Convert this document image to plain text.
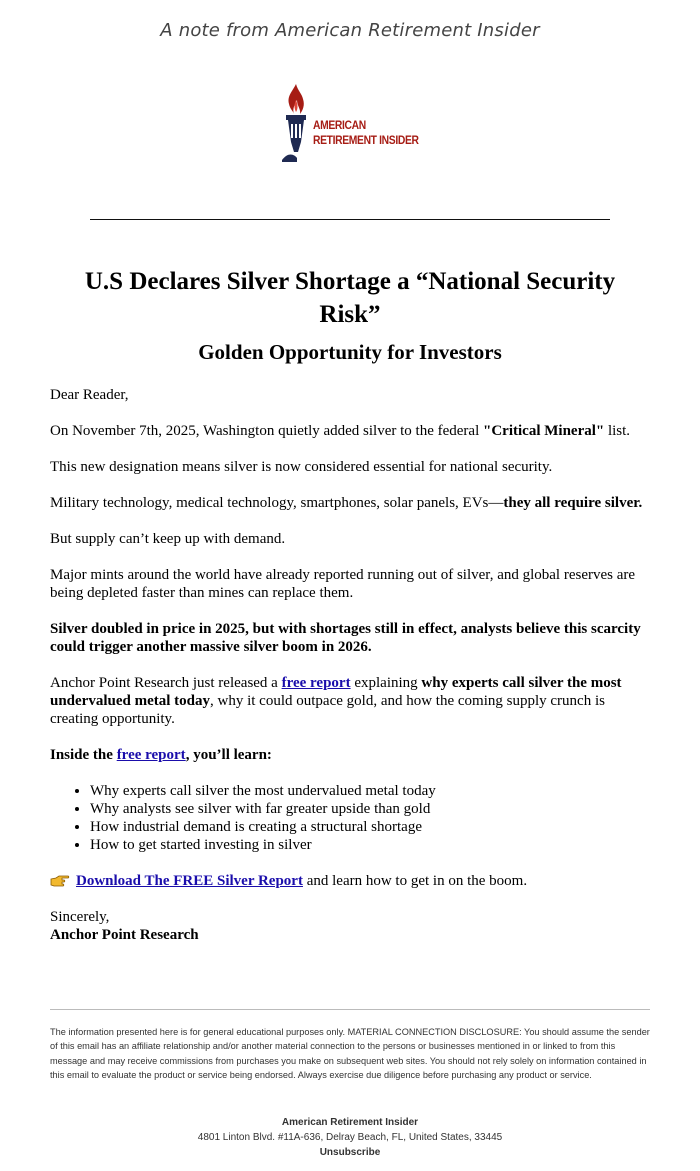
A note from American Retirement Insider
AMERICAN
RETIREMENT INSIDER
U.S Declares Silver Shortage a “National Security Risk”
Golden Opportunity for Investors

Dear Reader,

On November 7th, 2025, Washington quietly added silver to the federal "Critical Mineral" list.

This new designation means silver is now considered essential for national security.

Military technology, medical technology, smartphones, solar panels, EVs—they all require silver.

But supply can’t keep up with demand.

Major mints around the world have already reported running out of silver, and global reserves are being depleted faster than mines can replace them.

Silver doubled in price in 2025, but with shortages still in effect, analysts believe this scarcity could trigger another massive silver boom in 2026.

Anchor Point Research just released a free report explaining why experts call silver the most undervalued metal today, why it could outpace gold, and how the coming supply crunch is creating opportunity.

Inside the free report, you’ll learn:

• Why experts call silver the most undervalued metal today
• Why analysts see silver with far greater upside than gold
• How industrial demand is creating a structural shortage
• How to get started investing in silver

Download The FREE Silver Report and learn how to get in on the boom.

Sincerely,
Anchor Point Research

The information presented here is for general educational purposes only. MATERIAL CONNECTION DISCLOSURE: You should assume the sender of this email has an affiliate relationship and/or another material connection to the persons or businesses mentioned in or linked to from this message and may receive commissions from purchases you make on subsequent web sites. You should not rely solely on information contained in this email to evaluate the product or service being endorsed. Always exercise due diligence before purchasing any product or service.

American Retirement Insider
4801 Linton Blvd. #11A-636, Delray Beach, FL, United States, 33445
Unsubscribe
